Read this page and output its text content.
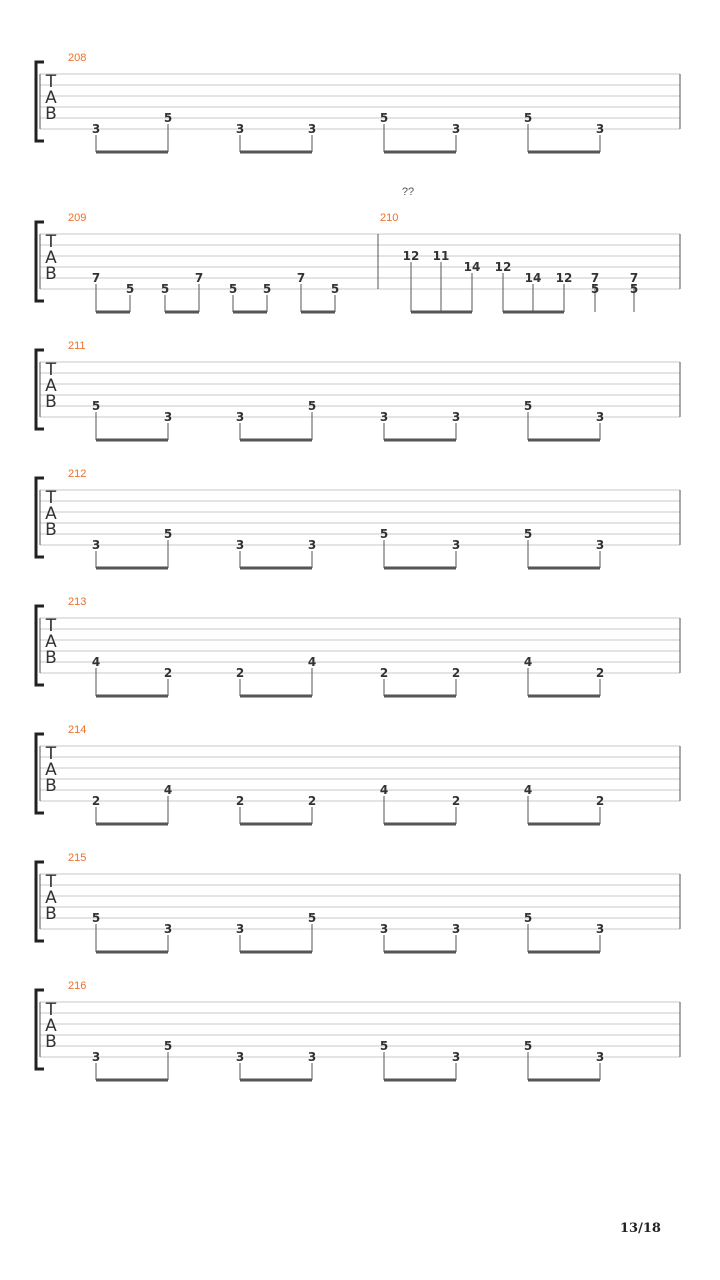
T
A
B
208
3
5
3	3
5
3
5
3
T
A
B
??
209
7
5 5
7
5 5
7
5
210
12 11
14 12
14 12 7
5
7
5
T
A
B
211
5
3	3
5
3	3
5
3
T
A
B
212
3
5
3	3
5
3
5
3
T
A
B
213
4
2	2
4
2	2
4
2
T
A
B
214
2
4
2	2
4
2
4
2
T
A
B
215
5
3	3
5
3	3
5
3
T
A
B
216
3
5
3	3
5
3
5
3
13/18
